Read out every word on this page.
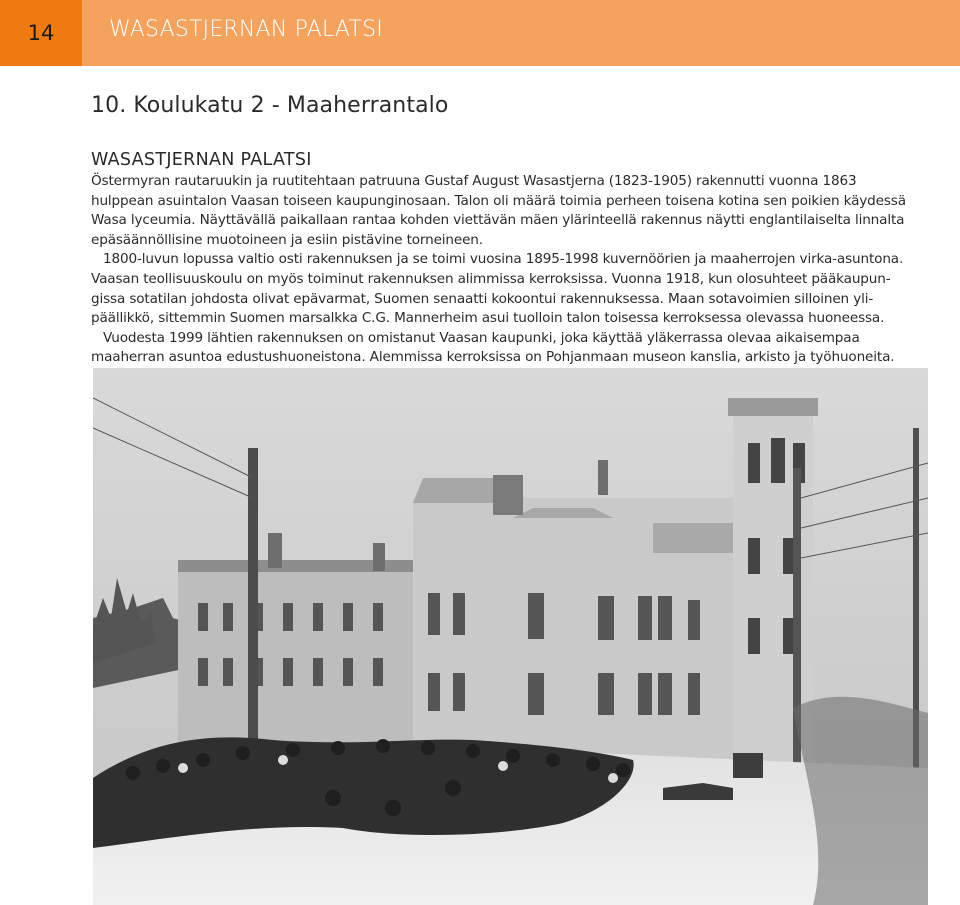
14	WASASTJERNAN PALATSI
10. Koulukatu 2 - Maaherrantalo
WASASTJERNAN PALATSI
Östermyran rautaruukin ja ruutitehtaan patruuna Gustaf August Wasastjerna (1823-1905) rakennutti vuonna 1863
hulppean asuintalon Vaasan toiseen kaupunginosaan. Talon oli määrä toimia perheen toisena kotina sen poikien käydessä
Wasa lyceumia. Näyttävällä paikallaan rantaa kohden viettävän mäen ylärinteellä rakennus näytti englantilaiselta linnalta
epäsäännöllisine muotoineen ja esiin pistävine torneineen.
1800-luvun lopussa valtio osti rakennuksen ja se toimi vuosina 1895-1998 kuvernöörien ja maaherrojen virka-asuntona.
Vaasan teollisuuskoulu on myös toiminut rakennuksen alimmissa kerroksissa. Vuonna 1918, kun olosuhteet pääkaupun-
gissa sotatilan johdosta olivat epävarmat, Suomen senaatti kokoontui rakennuksessa. Maan sotavoimien silloinen yli-
päällikkö, sittemmin Suomen marsalkka C.G. Mannerheim asui tuolloin talon toisessa kerroksessa olevassa huoneessa.
Vuodesta 1999 lähtien rakennuksen on omistanut Vaasan kaupunki, joka käyttää yläkerrassa olevaa aikaisempaa
maaherran asuntoa edustushuoneistona. Alemmissa kerroksissa on Pohjanmaan museon kanslia, arkisto ja työhuoneita.
